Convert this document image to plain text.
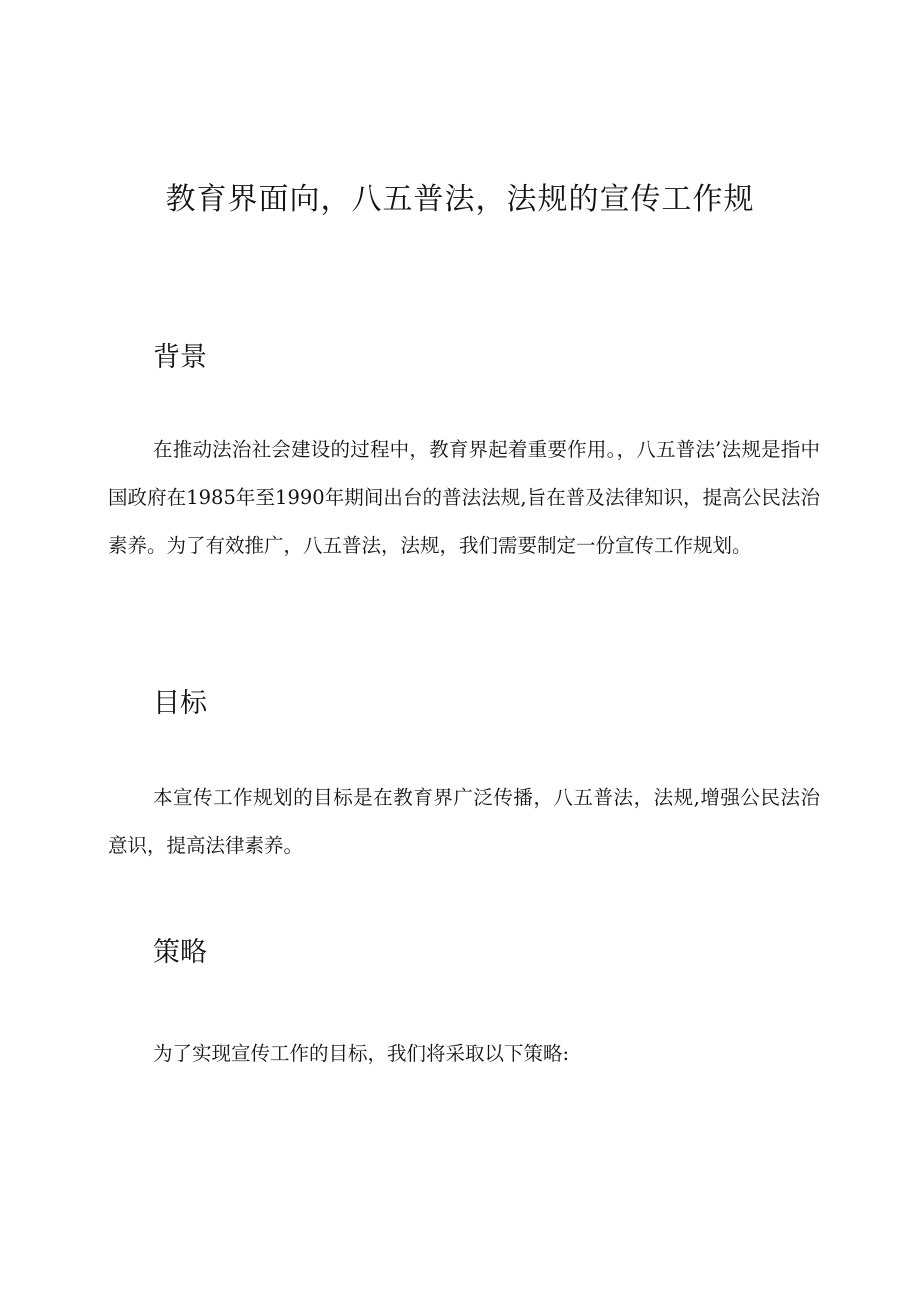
教育界面向，八五普法，法规的宣传工作规
背景

在推动法治社会建设的过程中，教育界起着重要作用。，八五普法’法规是指中国政府在1985年至1990年期间出台的普法法规,旨在普及法律知识，提高公民法治素养。为了有效推广，八五普法，法规，我们需要制定一份宣传工作规划。

目标

本宣传工作规划的目标是在教育界广泛传播，八五普法，法规,增强公民法治意识，提高法律素养。

策略

为了实现宣传工作的目标，我们将采取以下策略:
